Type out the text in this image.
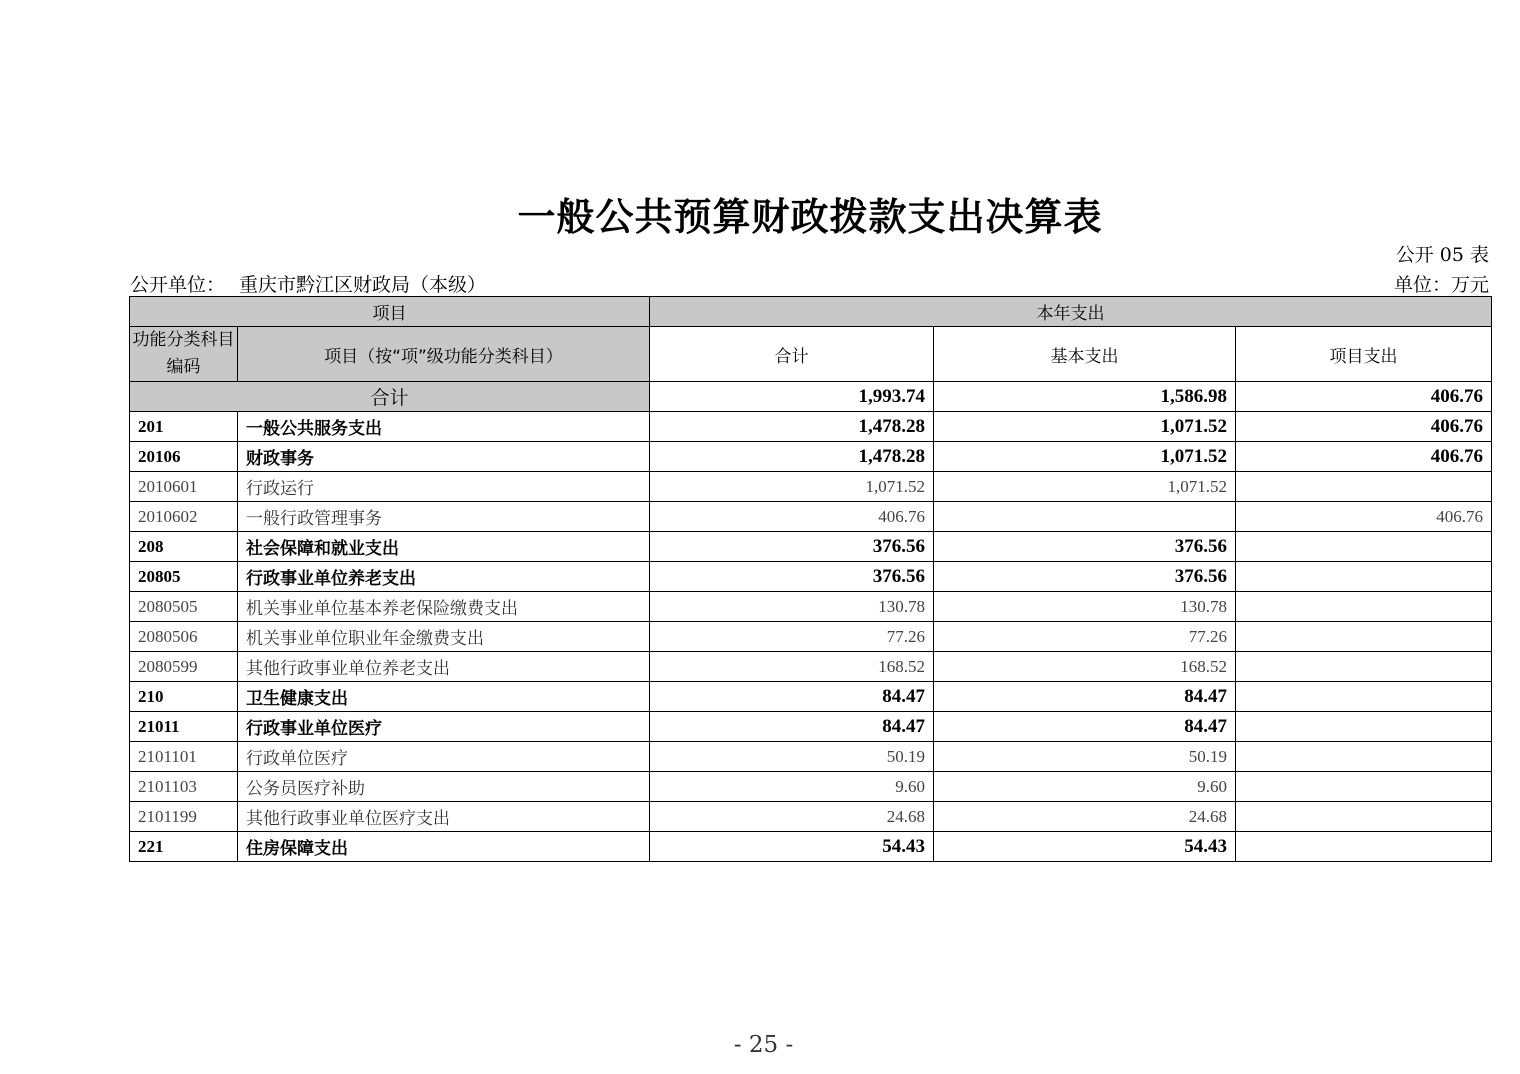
一般公共预算财政拨款支出决算表
公开 05 表
公开单位： 重庆市黔江区财政局（本级）	单位：万元
项目		本年支出		
功能分类科目编码	项目（按“项”级功能分类科目）	合计	基本支出	项目支出
合计		1,993.74	1,586.98	406.76
201	一般公共服务支出	1,478.28	1,071.52	406.76
20106	财政事务	1,478.28	1,071.52	406.76
2010601	行政运行	1,071.52	1,071.52	
2010602	一般行政管理事务	406.76		406.76
208	社会保障和就业支出	376.56	376.56	
20805	行政事业单位养老支出	376.56	376.56	
2080505	机关事业单位基本养老保险缴费支出	130.78	130.78	
2080506	机关事业单位职业年金缴费支出	77.26	77.26	
2080599	其他行政事业单位养老支出	168.52	168.52	
210	卫生健康支出	84.47	84.47	
21011	行政事业单位医疗	84.47	84.47	
2101101	行政单位医疗	50.19	50.19	
2101103	公务员医疗补助	9.60	9.60	
2101199	其他行政事业单位医疗支出	24.68	24.68	
221	住房保障支出	54.43	54.43	
- 25 -
